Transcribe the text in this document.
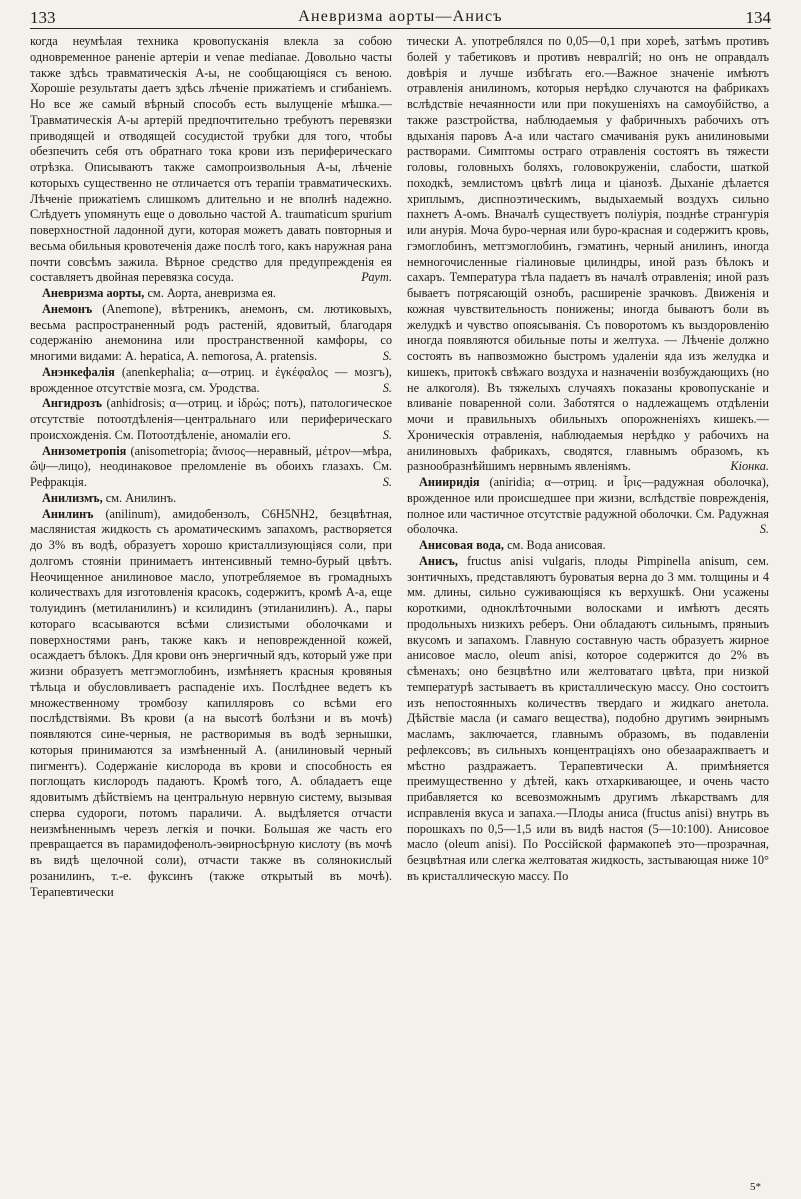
133	Аневризма аорты—Анисъ	134

когда неумѣлая техника кровопусканія влекла за собою одновременное раненіе артеріи и venae mediаnae. Довольно часты также здѣсь травматическія А-ы, не сообщающіяся съ веною. Хорошіе результаты даетъ здѣсь лѣченіе прижатіемъ и сгибаніемъ. Но все же самый вѣрный способъ есть вылущеніе мѣшка.—Травматическія А-ы артерій предпочтительно требуютъ перевязки приводящей и отводящей сосудистой трубки для того, чтобы обезпечить себя отъ обратнаго тока крови изъ периферическаго отрѣзка. Описываютъ также самопроизвольныя А-ы, лѣченіе которыхъ существенно не отличается отъ терапіи травматическихъ. Лѣченіе прижатіемъ слишкомъ длительно и не вполнѣ надежно. Слѣдуетъ упомянуть еще о довольно частой A. traumaticum spurium поверхностной ладонной дуги, которая можетъ давать повторныя и весьма обильныя кровотеченія даже послѣ того, какъ наружная рана почти совсѣмъ зажила. Вѣрное средство для предупрежденія ея составляетъ двойная перевязка сосуда.	Раут.

Аневризма аорты, см. Аорта, аневризма ея.

Анемонъ (Anemone), вѣтреникъ, анемонъ, см. лютиковыхъ, весьма распространенный родъ растеній, ядовитый, благодаря содержанію анемонина или пространственной камфоры, со многими видами: A. hepatica, A. nemorosa, A. pratensis.	S.

Анэнкефалія (anenkephalia; α—отриц. и ἐγκέφαλος — мозгъ), врожденное отсутствіе мозга, см. Уродства.	S.

Ангидрозъ (anhidrosis; α—отриц. и ἱδρώς; потъ), патологическое отсутствіе потоотдѣленія—центральнаго или периферическаго происхожденія. См. Потоотдѣленіе, аномаліи его.	S.

Анизометропія (anisometropia; ἄνισος—неравный, μέτρον—мѣра, ὤψ—лицо), неодинаковое преломленіе въ обоихъ глазахъ. См. Рефракція.	S.

Анилизмъ, см. Анилинъ.

Анилинъ (anilinum), амидобензолъ, C6H5NH2, безцвѣтная, маслянистая жидкость съ ароматическимъ запахомъ, растворяется до 3% въ водѣ, образуетъ хорошо кристаллизующіяся соли, при долгомъ стояніи принимаетъ интенсивный темно-бурый цвѣтъ. Неочищенное анилиновое масло, употребляемое въ громадныхъ количествахъ для изготовленія красокъ, содержитъ, кромѣ А-а, еще толуидинъ (метиланилинъ) и ксилидинъ (этиланилинъ). А., пары котораго всасываются всѣми слизистыми оболочками и поверхностями ранъ, также какъ и неповрежденной кожей, осаждаетъ бѣлокъ. Для крови онъ энергичный ядъ, который уже при жизни образуетъ метгэмоглобинъ, измѣняетъ красныя кровяныя тѣльца и обусловливаетъ распаденіе ихъ. Послѣднее ведетъ къ множественному тромбозу капилляровъ со всѣми его послѣдствіями. Въ крови (а на высотѣ болѣзни и въ мочѣ) появляются сине-черныя, не растворимыя въ водѣ зернышки, которыя принимаются за измѣненный А. (анилиновый черный пигментъ). Содержаніе кислорода въ крови и способность ея поглощать кислородъ падаютъ. Кромѣ того, А. обладаетъ еще ядовитымъ дѣйствіемъ на центральную нервную систему, вызывая сперва судороги, потомъ параличи. А. выдѣляется отчасти неизмѣненнымъ черезъ легкія и почки. Большая же часть его превращается въ парамидофенолъ-эѳирносѣрную кислоту (въ мочѣ въ видѣ щелочной соли), отчасти также въ солянокислый розанилинъ, т.-е. фуксинъ (также открытый въ мочѣ). Терапевтически

тически А. употреблялся по 0,05—0,1 при хореѣ, затѣмъ противъ болей у табетиковъ и противъ невралгій; но онъ не оправдалъ довѣрія и лучше избѣгать его.—Важное значеніе имѣютъ отравленія анилиномъ, которыя нерѣдко случаются на фабрикахъ вслѣдствіе нечаянности или при покушеніяхъ на самоубійство, а также разстройства, наблюдаемыя у фабричныхъ рабочихъ отъ вдыханія паровъ А-а или частаго смачиванія рукъ анилиновыми растворами. Симптомы остраго отравленія состоятъ въ тяжести головы, головныхъ боляхъ, головокруженіи, слабости, шаткой походкѣ, землистомъ цвѣтѣ лица и ціанозѣ. Дыханіе дѣлается хриплымъ, диспноэтическимъ, выдыхаемый воздухъ сильно пахнетъ А-омъ. Вначалѣ существуетъ поліурія, позднѣе странгурія или анурія. Моча буро-черная или буро-красная и содержитъ кровь, гэмоглобинъ, метгэмоглобинъ, гэматинъ, черный анилинъ, иногда немногочисленные гіалиновые цилиндры, иной разъ бѣлокъ и сахаръ. Температура тѣла падаетъ въ началѣ отравленія; иной разъ бываетъ потрясающій ознобъ, расширеніе зрачковъ. Движенія и кожная чувствительность понижены; иногда бываютъ боли въ желудкѣ и чувство опоясыванія. Съ поворотомъ къ выздоровленію иногда появляются обильные поты и желтуха. — Лѣченіе должно состоять въ напвозможно быстромъ удаленіи яда изъ желудка и кишекъ, притокѣ свѣжаго воздуха и назначеніи возбуждающихъ (но не алкоголя). Въ тяжелыхъ случаяхъ показаны кровопусканіе и вливаніе поваренной соли. Заботятся о надлежащемъ отдѣленіи мочи и правильныхъ обильныхъ опорожненіяхъ кишекъ.—Хроническія отравленія, наблюдаемыя нерѣдко у рабочихъ на анилиновыхъ фабрикахъ, сводятся, главнымъ образомъ, къ разнообразнѣйшимъ нервнымъ явленіямъ.	Кіонка.

Анииридія (aniridia; α—отриц. и ἶρις—радужная оболочка), врожденное или происшедшее при жизни, вслѣдствіе поврежденія, полное или частичное отсутствіе радужной оболочки. См. Радужная оболочка.	S.

Анисовая вода, см. Вода анисовая.

Анисъ, fructus anisi vulgaris, плоды Pimpinella anisum, сем. зонтичныхъ, представляютъ буроватыя верна до 3 мм. толщины и 4 мм. длины, сильно суживающіяся къ верхушкѣ. Они усажены короткими, одноклѣточными волосками и имѣютъ десять продольныхъ низкихъ реберъ. Они обладаютъ сильнымъ, пряныиъ вкусомъ и запахомъ. Главную составную часть образуетъ жирное анисовое масло, oleum anisi, которое содержится до 2% въ сѣменахъ; оно безцвѣтно или желтоватаго цвѣта, при низкой температурѣ застываетъ въ кристаллическую массу. Оно состоитъ изъ непостоянныхъ количествъ твердаго и жидкаго анетола. Дѣйствіе масла (и самаго вещества), подобно другимъ эѳирнымъ масламъ, заключается, главнымъ образомъ, въ подавленіи рефлексовъ; въ сильныхъ концентраціяхъ оно обезааражпваетъ и мѣстно раздражаетъ. Терапевтически А. примѣняется преимущественно у дѣтей, какъ отхаркивающее, и очень часто прибавляется ко всевозможнымъ другимъ лѣкарствамъ для исправленія вкуса и запаха.—Плоды аниса (fructus anisi) внутрь въ порошкахъ по 0,5—1,5 или въ видѣ настоя (5—10:100). Анисовое масло (oleum anisi). По Россійской фармакопеѣ это—прозрачная, безцвѣтная или слегка желтоватая жидкость, застывающая ниже 10° въ кристаллическую массу. По

5*
